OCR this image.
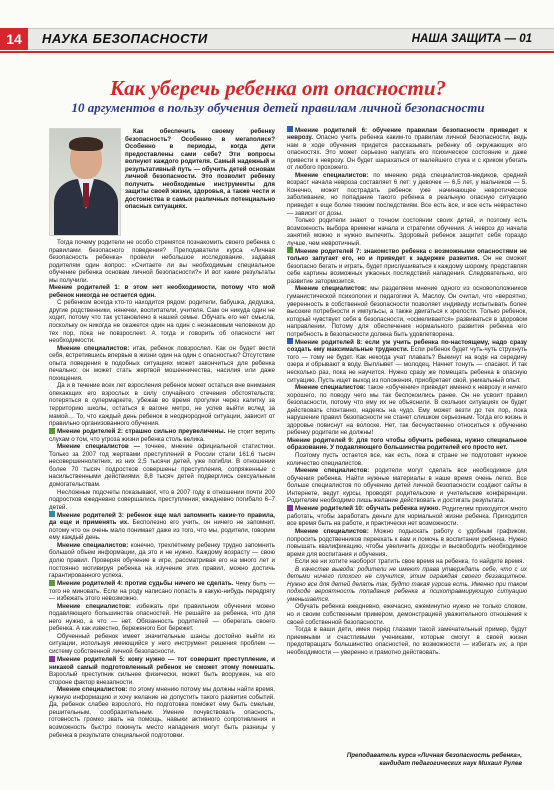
14	НАУКА БЕЗОПАСНОСТИ	НАША ЗАЩИТА — 01
Как уберечь ребенка от опасности?
10 аргументов в пользу обучения детей правилам личной безопасности

Как обеспечить своему ребенку безопасность? Особенно в мегаполисе? Особенно в периоды, когда дети предоставлены сами себе? Эти вопросы волнуют каждого родителя. Самый надежный и результативный путь — обучить детей основам личной безопасности. Это позволит ребенку получить необходимые инструменты для защиты своей жизни, здоровья, а также чести и достоинства в самых различных потенциально опасных ситуациях.

Тогда почему родители не особо стремятся познакомить своего ребенка с правилами безопасного поведения? Преподаватели курса «Личная безопасность ребенка» провели небольшое исследование, задавая родителям один вопрос: «Считаете ли вы необходимым специальное обучение ребенка основам личной безопасности?» И вот какие результаты мы получили.

Мнение родителей 1: в этом нет необходимости, потому что мой ребенок никогда не остается один.

С ребенком всегда кто-то находится рядом: родители, бабушка, дедушка, другие родственники, нянечки, воспитатели, учителя. Сам он никуда один не ходит, потому что так установлено в нашей семье. Обучать его нет смысла, поскольку он никогда не окажется один на один с незнакомым человеком до тех пор, пока не повзрослеет. А тогда и говорить об опасности нет необходимости.

Мнение специалистов: итак, ребенок повзрослел. Как он будет вести себя, встретившись впервые в жизни один на один с опасностью? Отсутствие опыта поведения в подобных ситуациях может закончиться для ребенка печально: он может стать жертвой мошенничества, насилия или даже похищения.

Да и в течение всех лет взросления ребенок может остаться вне внимания опекающих его взрослых в силу случайного стечения обстоятельств: потеряться в супермаркете, убежав во время прогулки через калитку за территорию школы, остаться в вагоне метро, не успев выйти вслед за мамой… То, что каждый день ребенок в неоднородной ситуации, зависит от правильно организованного обучения.

Мнение родителей 2: страшно сильно преувеличены. Не стоит верить слухам о том, что угроза жизни ребенка столь велика.

Мнение специалистов — точнее, мнение официальной статистики. Только за 2007 год жертвами преступлений в России стали 161,6 тысяч несовершеннолетних, из них 2,5 тысячи детей, уже погибли. В отношении более 70 тысяч подростков совершены преступления, сопряженные с насильственными действиями. 8,8 тысяч детей подверглись сексуальным домогательствам.

Несложные подсчеты показывают, что в 2007 году в отношении почти 200 подростков ежедневно совершались преступления; ежедневно погибало 6–7 детей.

Мнение родителей 3: ребенок еще мал запомнить какие-то правила, да еще и применять их. Бесполезно его учить, он ничего не запомнит, потому что он очень мало понимает даже из того, что мы, родители, говорим ему каждый день.

Мнение специалистов: конечно, трехлетнему ребенку трудно запомнить большой объем информации, да это и не нужно. Каждому возрасту — свою долю правил. Проверяя обучение в игре, рассматривая его на много лет и постоянно мотивируя ребенка на изучение этих правил, можно достичь гарантированного успеха.

Мнение родителей 4: против судьбы ничего не сделать. Чему быть — того не миновать. Если на роду написано попасть в какую-нибудь передрягу — избежать этого невозможно.

Мнение специалистов: избежать при правильном обучении можно подавляющего большинства опасностей. Не решайте за ребенка, что для него нужно, а что — нет. Обязанность родителей — оберегать своего ребенка. А как известно, береженого Бог бережет.

Обученный ребенок имеет значительные шансы достойно выйти из ситуации, используя имеющийся у него инструмент решения проблем — систему собственной личной безопасности.

Мнение родителей 5: кому нужно — тот совершит преступление, и никакой самый подготовленный ребенок не сможет этому помешать. Взрослый преступник сильнее физически, может быть вооружен, на его стороне фактор внезапности.

Мнение специалистов: по этому мнению потому мы должны найти время, нужную информацию и хочу желание не допустить такого развития событий. Да, ребенок слабее взрослого. Но подготовка поможет ему быть смелым, решительным, сообразительным. Умение почувствовать опасность, готовность громко звать на помощь, навыки активного сопротивления и возможность быстро покинуть место нападения могут быть разницы у ребенка в результате специальной подготовки.

Мнение родителей 6: обучение правилам безопасности приведет к неврозу. Опасно учить ребенка каким-то правилам личной безопасности, ведь нам в ходе обучения придется рассказывать ребенку об окружающих его опасностях. Это может серьезно напугать его психическое состояние и даже привести к неврозу. Он будет шарахаться от малейшего стука и с криком убегать от любого прохожего.

Мнение специалистов: по мнению ряда специалистов-медиков, средний возраст начала невроза составляет 6 лет: у девочек — 6,5 лет, у мальчиков — 5. Конечно, может пострадать ребенок уже начинающее невротическое заболевание, но попадание такого ребенка в реальную опасную ситуацию приведет к еще более тяжким последствиям. Все есть все, и все есть неврастено — зависит от дозы.

Только родители знают о точном состоянии своих детей, и поэтому есть возможность выбора времени начала и стратегии обучения. А невроз до начала занятий можно и нужно вылечить. Здоровый ребенок защитит себя гораздо лучше, чем невротичный.

Мнение родителей 7: знакомство ребенка с возможными опасностями не только запугает его, но и приведет к задержке развития. Он не сможет безопасно бегать и играть, будет прислушиваться к каждому шорому, представляя себе картины возможных ужасных последствий нападения. Следовательно, его развитие затормозится.

Мнение специалистов: мы разделяем мнение одного из основоположников гуманистической психологии и педагогики А. Маслоу. Он считал, что «вероятно, уверенность в собственной безопасности позволяет индивиду испытывать более высокие потребности и импульсы, а также двигаться к зрелости. Только ребенок, который чувствует себя в безопасности, «осмеливается» развиваться в здоровом направлении. Потому для обеспечения нормального развития ребенка его потребность в безопасности должна быть удовлетворена.

Мнение родителей 8: если уж учить ребенка по-настоящему, надо сразу создать ему максимальные трудности. Если ребенок будет чуть-чуть струхнуть того — тому не будет. Как некогда учат плавать? Выкинут на воде на середину озера и обрывают в воду. Выплывет — молодец. Начнет тонуть — спасают. И так несколько раз, пока не научится. Нужно сразу же помещать ребенка в опасную ситуацию. Пусть ищет выход из положения, приобретает свой, уникальный опыт.

Мнение специалистов: такое «обучение» приведет именно к неврозу и ничего хорошего, по поводу чего мы так беспокоились ранее. Он не усвоит правил безопасности, потому что ему их не объяснили. В скольких ситуациях он будет действовать спонтанно, надеясь на чудо. Ему может везти до тех пор, пока нарушение правил безопасности не станет слишком серьезным. Тогда его жизнь и здоровье повиснут на волоске. Нет, так бесчувственно относиться к обучению ребенку родители не должны!

Мнение родителей 9: для того чтобы обучить ребенка, нужно специальное образование. У подавляющего большинства родителей его просто нет.

Поэтому пусть остается все, как есть, пока в стране не подготовят нужное количество специалистов.

Мнение специалистов: родители могут сделать все необходимое для обучения ребенка. Найти нужные материалы в наше время очень легко. Все больше специалистов по обучению детей личной безопасности создают сайты в Интернете, ведут курсы, проводят родительские и учительские конференции. Родителям необходимо лишь желание действовать и достигать результата.

Мнение родителей 10: обучать ребенка нужно. Родителям приходится много работать, чтобы заработать деньги для нормальной жизни ребенка. Приходится все время быть на работе, и практически нет возможности.

Мнение специалистов: Можно подыскать работу с удобным графиком, попросить родственников переехать к вам и помочь в воспитании ребенка. Нужно повышать квалификацию, чтобы увеличить доходы и высвободить необходимое время для воспитания и обучения.

Если же ни хотите наоборот тратить свое время на ребенка, то найдите время.

В качестве вывода: родители не имеют права утверждать себе, что с их детьми ничего плохого не случится, этим ограждая своего беззащитное. Нужно все для детей делать так, будто такая угроза есть. Именно при таком подходе вероятность попадания ребенка в психотравмирующую ситуацию уменьшается.

Обучать ребенка ежедневно, ежечасно, ежеминутно нужно не только словом, но и своим собственным примером, демонстрацией уважительного отношения к своей собственной безопасности.

Тогда в ваши дети, имея перед глазами такой замечательный пример, будут приемными и счастливыми учениками, которые смогут в своей жизни предотвращать большинство опасностей, по возможности — избегать их, а при необходимости — уверенно и грамотно действовать.

Преподаватель курса «Личная безопасность ребенка»,
кандидат педагогических наук Михаил Рулев
